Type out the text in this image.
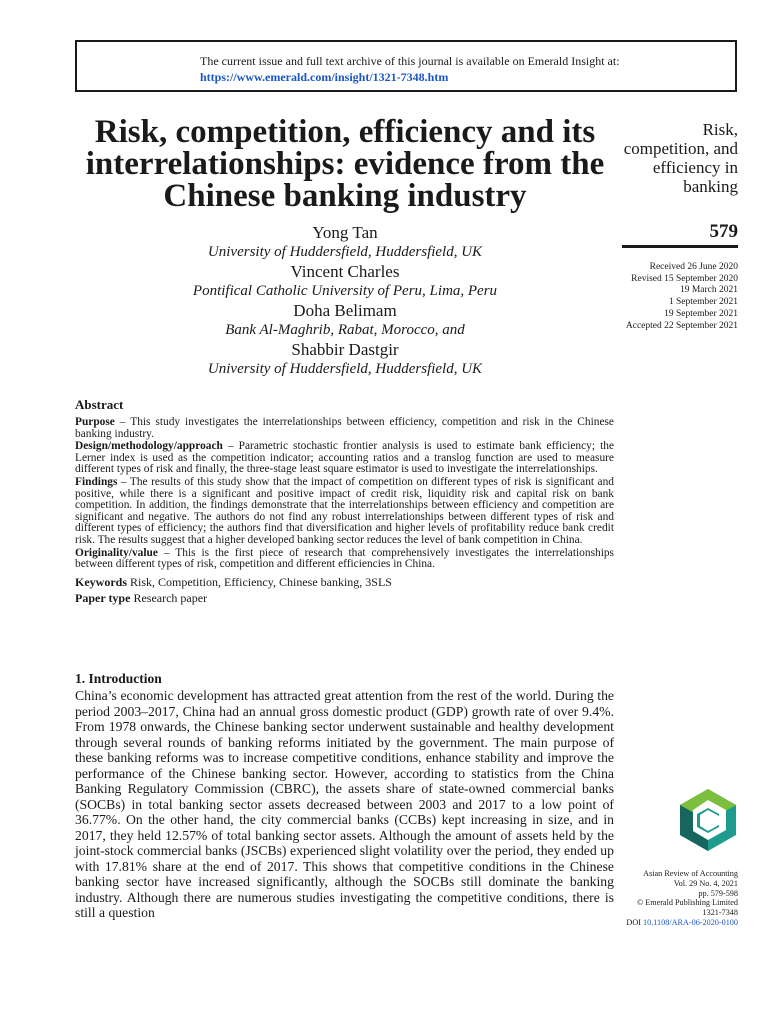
The current issue and full text archive of this journal is available on Emerald Insight at:
https://www.emerald.com/insight/1321-7348.htm
Risk, competition, efficiency and its interrelationships: evidence from the Chinese banking industry
Yong Tan
University of Huddersfield, Huddersfield, UK
Vincent Charles
Pontifical Catholic University of Peru, Lima, Peru
Doha Belimam
Bank Al-Maghrib, Rabat, Morocco, and
Shabbir Dastgir
University of Huddersfield, Huddersfield, UK
Risk, competition, and efficiency in banking
579
Received 26 June 2020
Revised 15 September 2020
19 March 2021
1 September 2021
19 September 2021
Accepted 22 September 2021
Abstract

Purpose – This study investigates the interrelationships between efficiency, competition and risk in the Chinese banking industry.

Design/methodology/approach – Parametric stochastic frontier analysis is used to estimate bank efficiency; the Lerner index is used as the competition indicator; accounting ratios and a translog function are used to measure different types of risk and finally, the three-stage least square estimator is used to investigate the interrelationships.

Findings – The results of this study show that the impact of competition on different types of risk is significant and positive, while there is a significant and positive impact of credit risk, liquidity risk and capital risk on bank competition. In addition, the findings demonstrate that the interrelationships between efficiency and competition are significant and negative. The authors do not find any robust interrelationships between different types of risk and different types of efficiency; the authors find that diversification and higher levels of profitability reduce bank credit risk. The results suggest that a higher developed banking sector reduces the level of bank competition in China.

Originality/value – This is the first piece of research that comprehensively investigates the interrelationships between different types of risk, competition and different efficiencies in China.

Keywords Risk, Competition, Efficiency, Chinese banking, 3SLS
Paper type Research paper
1. Introduction

China’s economic development has attracted great attention from the rest of the world. During the period 2003–2017, China had an annual gross domestic product (GDP) growth rate of over 9.4%. From 1978 onwards, the Chinese banking sector underwent sustainable and healthy development through several rounds of banking reforms initiated by the government. The main purpose of these banking reforms was to increase competitive conditions, enhance stability and improve the performance of the Chinese banking sector. However, according to statistics from the China Banking Regulatory Commission (CBRC), the assets share of state-owned commercial banks (SOCBs) in total banking sector assets decreased between 2003 and 2017 to a low point of 36.77%. On the other hand, the city commercial banks (CCBs) kept increasing in size, and in 2017, they held 12.57% of total banking sector assets. Although the amount of assets held by the joint-stock commercial banks (JSCBs) experienced slight volatility over the period, they ended up with 17.81% share at the end of 2017. This shows that competitive conditions in the Chinese banking sector have increased significantly, although the SOCBs still dominate the banking industry. Although there are numerous studies investigating the competitive conditions, there is still a question

Asian Review of Accounting
Vol. 29 No. 4, 2021
pp. 579-598
© Emerald Publishing Limited
1321-7348
DOI 10.1108/ARA-06-2020-0100
